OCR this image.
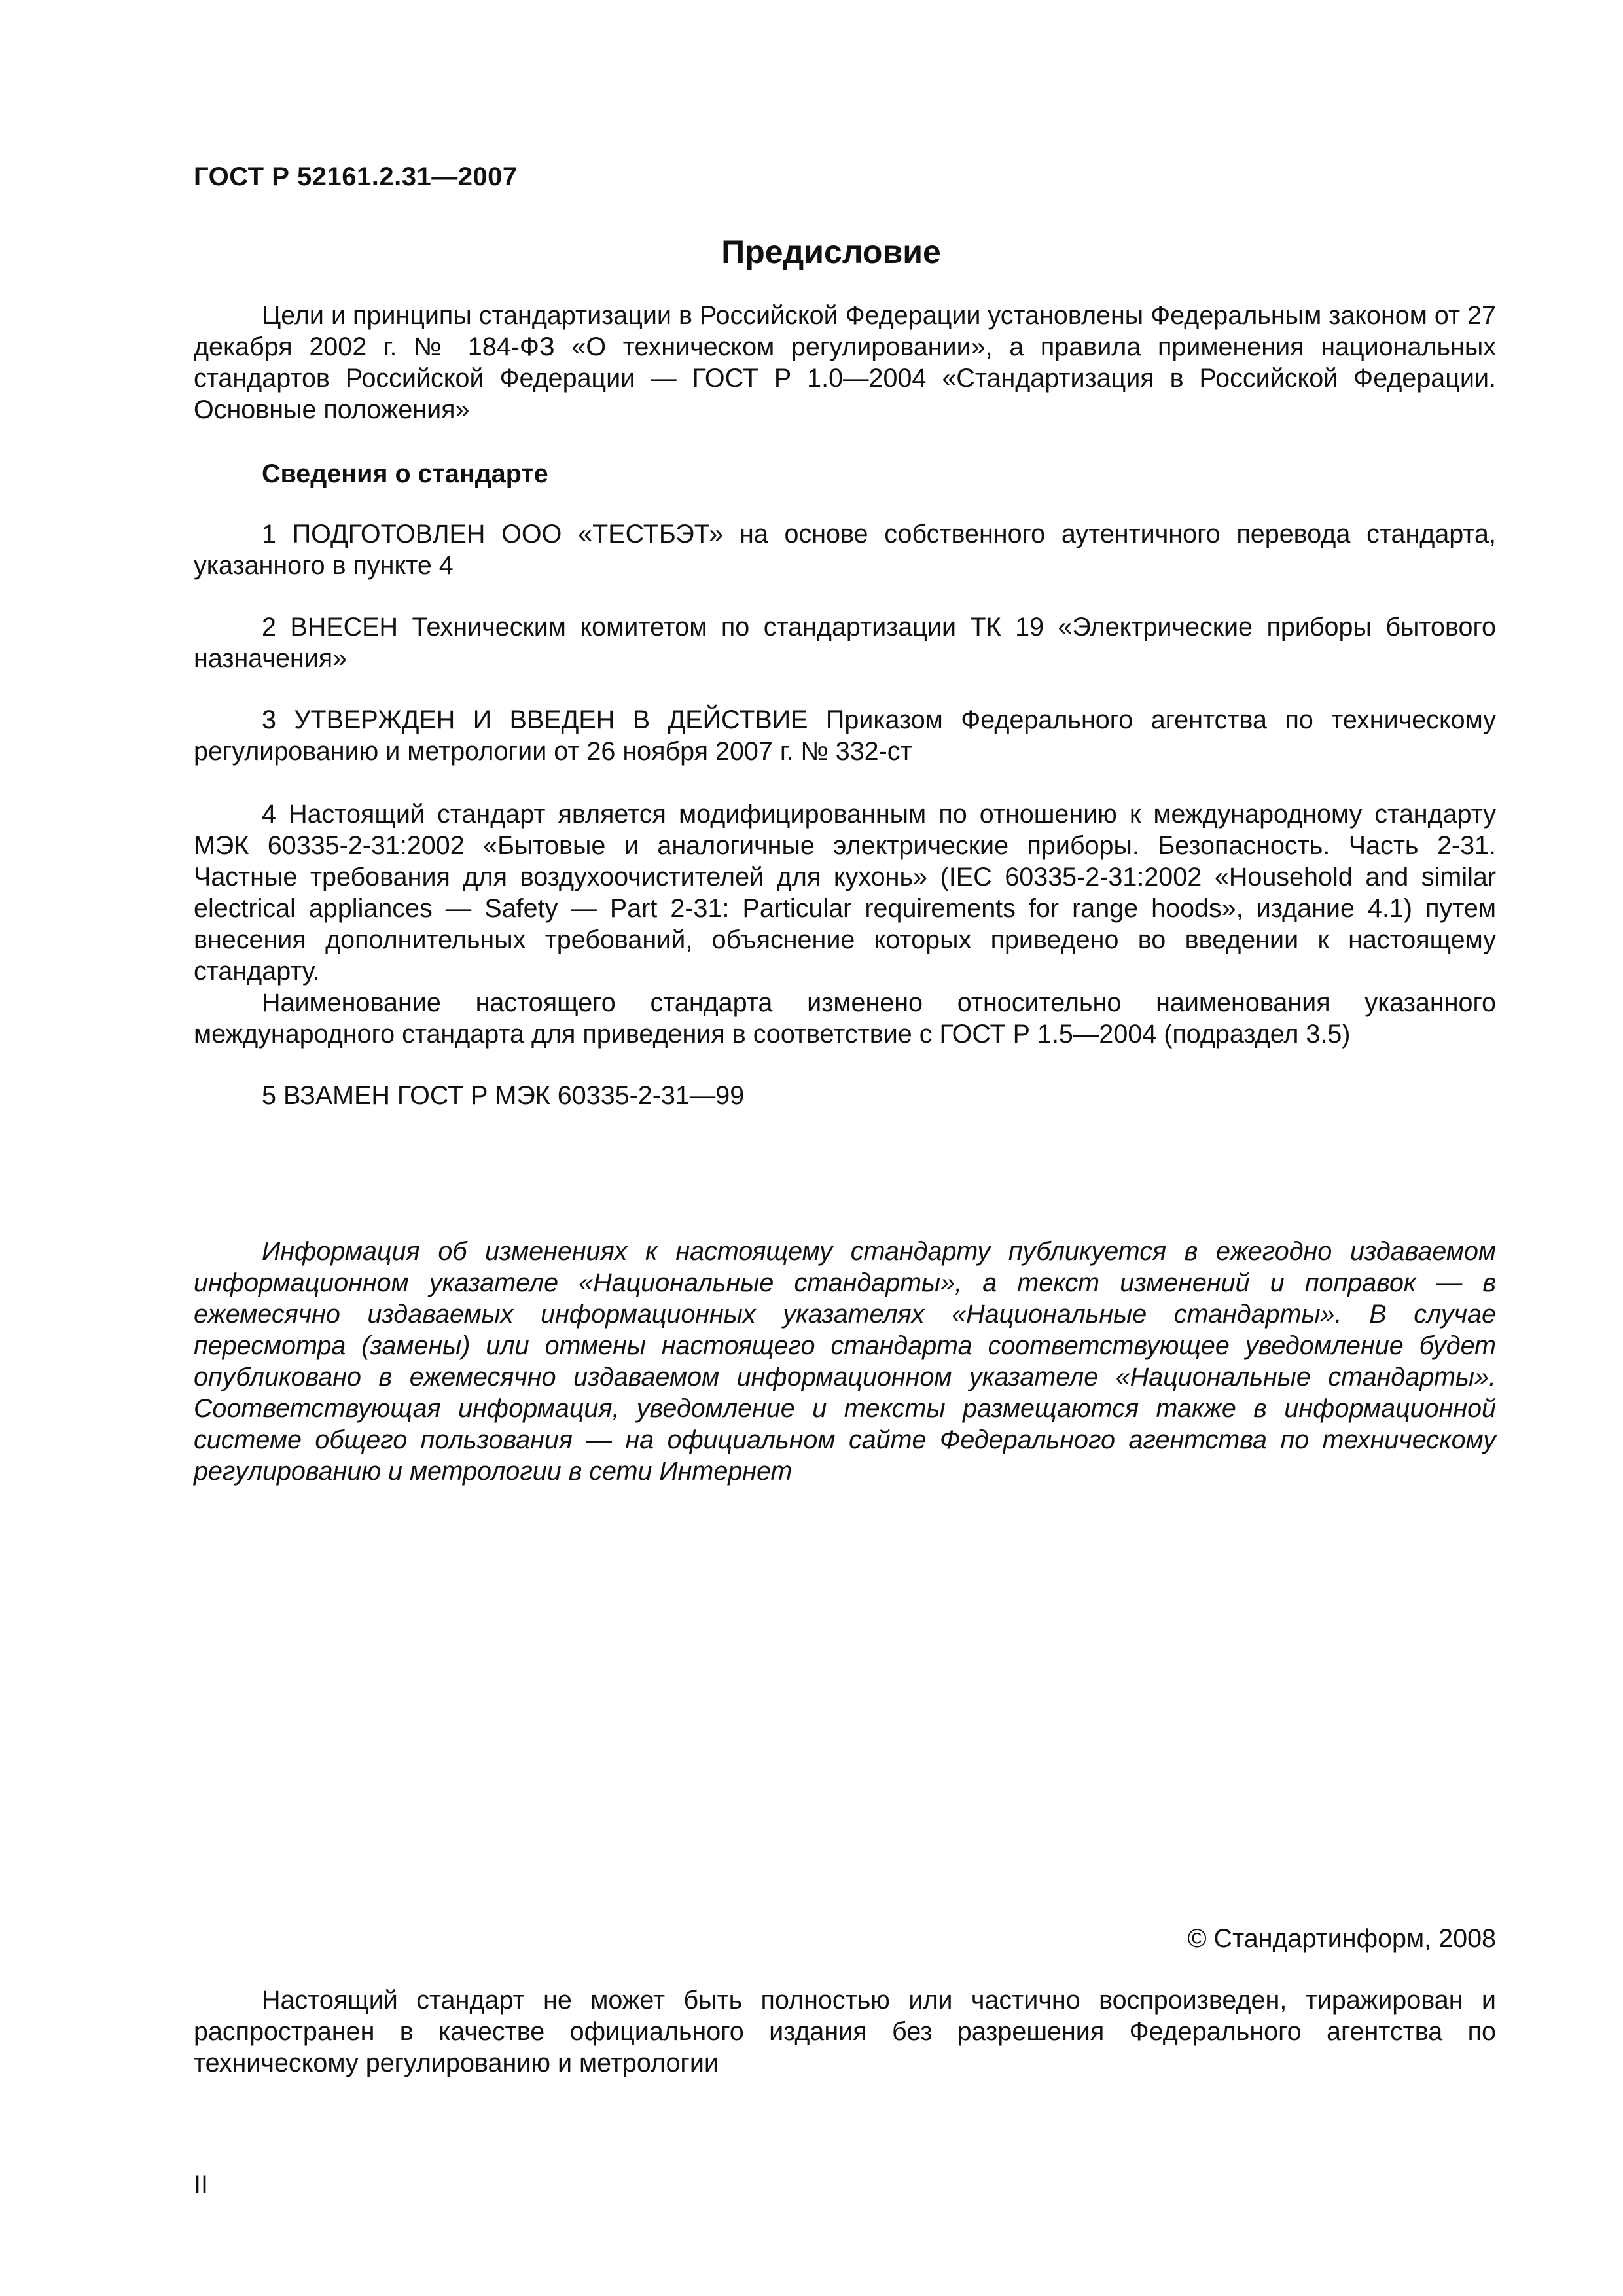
ГОСТ Р 52161.2.31—2007
Предисловие

Цели и принципы стандартизации в Российской Федерации установлены Федеральным законом от 27 декабря 2002 г. № 184-ФЗ «О техническом регулировании», а правила применения национальных стандартов Российской Федерации — ГОСТ Р 1.0—2004 «Стандартизация в Российской Федерации. Основные положения»

Сведения о стандарте

1 ПОДГОТОВЛЕН ООО «ТЕСТБЭТ» на основе собственного аутентичного перевода стандарта, указанного в пункте 4

2 ВНЕСЕН Техническим комитетом по стандартизации ТК 19 «Электрические приборы бытового назначения»

3 УТВЕРЖДЕН И ВВЕДЕН В ДЕЙСТВИЕ Приказом Федерального агентства по техническому регулированию и метрологии от 26 ноября 2007 г. № 332-ст

4 Настоящий стандарт является модифицированным по отношению к международному стандарту МЭК 60335-2-31:2002 «Бытовые и аналогичные электрические приборы. Безопасность. Часть 2-31. Частные требования для воздухоочистителей для кухонь» (IEC 60335-2-31:2002 «Household and similar electrical appliances — Safety — Part 2-31: Particular requirements for range hoods», издание 4.1) путем внесения дополнительных требований, объяснение которых приведено во введении к настоящему стандарту.

Наименование настоящего стандарта изменено относительно наименования указанного международного стандарта для приведения в соответствие с ГОСТ Р 1.5—2004 (подраздел 3.5)

5 ВЗАМЕН ГОСТ Р МЭК 60335-2-31—99

Информация об изменениях к настоящему стандарту публикуется в ежегодно издаваемом информационном указателе «Национальные стандарты», а текст изменений и поправок — в ежемесячно издаваемых информационных указателях «Национальные стандарты». В случае пересмотра (замены) или отмены настоящего стандарта соответствующее уведомление будет опубликовано в ежемесячно издаваемом информационном указателе «Национальные стандарты». Соответствующая информация, уведомление и тексты размещаются также в информационной системе общего пользования — на официальном сайте Федерального агентства по техническому регулированию и метрологии в сети Интернет

© Стандартинформ, 2008

Настоящий стандарт не может быть полностью или частично воспроизведен, тиражирован и распространен в качестве официального издания без разрешения Федерального агентства по техническому регулированию и метрологии

II
